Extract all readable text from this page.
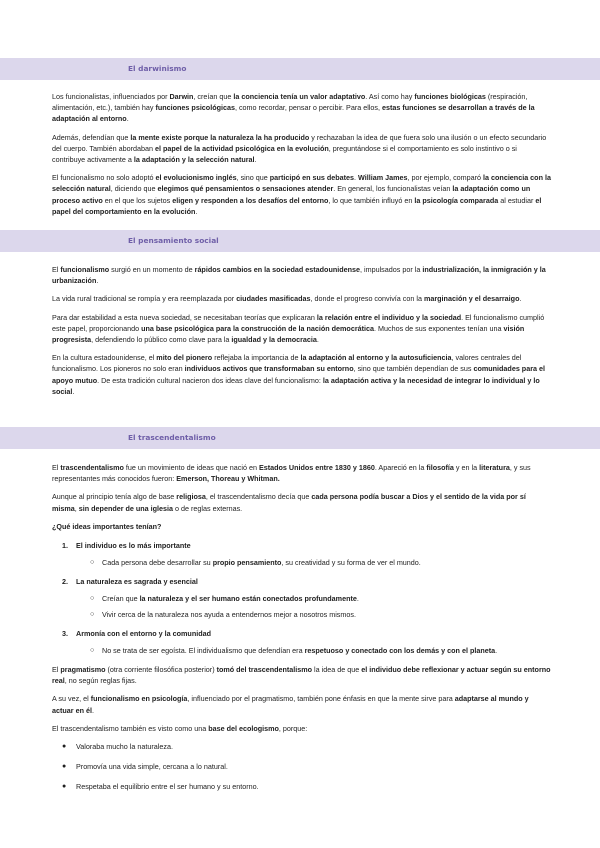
El darwinismo

Los funcionalistas, influenciados por Darwin, creían que la conciencia tenía un valor adaptativo. Así como hay funciones biológicas (respiración, alimentación, etc.), también hay funciones psicológicas, como recordar, pensar o percibir. Para ellos, estas funciones se desarrollan a través de la adaptación al entorno.

Además, defendían que la mente existe porque la naturaleza la ha producido y rechazaban la idea de que fuera solo una ilusión o un efecto secundario del cuerpo. También abordaban el papel de la actividad psicológica en la evolución, preguntándose si el comportamiento es solo instintivo o si contribuye activamente a la adaptación y la selección natural.

El funcionalismo no solo adoptó el evolucionismo inglés, sino que participó en sus debates. William James, por ejemplo, comparó la conciencia con la selección natural, diciendo que elegimos qué pensamientos o sensaciones atender. En general, los funcionalistas veían la adaptación como un proceso activo en el que los sujetos eligen y responden a los desafíos del entorno, lo que también influyó en la psicología comparada al estudiar el papel del comportamiento en la evolución.

El pensamiento social

El funcionalismo surgió en un momento de rápidos cambios en la sociedad estadounidense, impulsados por la industrialización, la inmigración y la urbanización.

La vida rural tradicional se rompía y era reemplazada por ciudades masificadas, donde el progreso convivía con la marginación y el desarraigo.

Para dar estabilidad a esta nueva sociedad, se necesitaban teorías que explicaran la relación entre el individuo y la sociedad. El funcionalismo cumplió este papel, proporcionando una base psicológica para la construcción de la nación democrática. Muchos de sus exponentes tenían una visión progresista, defendiendo lo público como clave para la igualdad y la democracia.

En la cultura estadounidense, el mito del pionero reflejaba la importancia de la adaptación al entorno y la autosuficiencia, valores centrales del funcionalismo. Los pioneros no solo eran individuos activos que transformaban su entorno, sino que también dependían de sus comunidades para el apoyo mutuo. De esta tradición cultural nacieron dos ideas clave del funcionalismo: la adaptación activa y la necesidad de integrar lo individual y lo social.

El trascendentalismo

El trascendentalismo fue un movimiento de ideas que nació en Estados Unidos entre 1830 y 1860. Apareció en la filosofía y en la literatura, y sus representantes más conocidos fueron: Emerson, Thoreau y Whitman.

Aunque al principio tenía algo de base religiosa, el trascendentalismo decía que cada persona podía buscar a Dios y el sentido de la vida por sí misma, sin depender de una iglesia o de reglas externas.

¿Qué ideas importantes tenían?

1.	El individuo es lo más importante
○	Cada persona debe desarrollar su propio pensamiento, su creatividad y su forma de ver el mundo.
2.	La naturaleza es sagrada y esencial
○	Creían que la naturaleza y el ser humano están conectados profundamente.
○	Vivir cerca de la naturaleza nos ayuda a entendernos mejor a nosotros mismos.
3.	Armonía con el entorno y la comunidad
○	No se trata de ser egoísta. El individualismo que defendían era respetuoso y conectado con los demás y con el planeta.

El pragmatismo (otra corriente filosófica posterior) tomó del trascendentalismo la idea de que el individuo debe reflexionar y actuar según su entorno real, no según reglas fijas.

A su vez, el funcionalismo en psicología, influenciado por el pragmatismo, también pone énfasis en que la mente sirve para adaptarse al mundo y actuar en él.

El trascendentalismo también es visto como una base del ecologismo, porque:

●	Valoraba mucho la naturaleza.
●	Promovía una vida simple, cercana a lo natural.
●	Respetaba el equilibrio entre el ser humano y su entorno.
